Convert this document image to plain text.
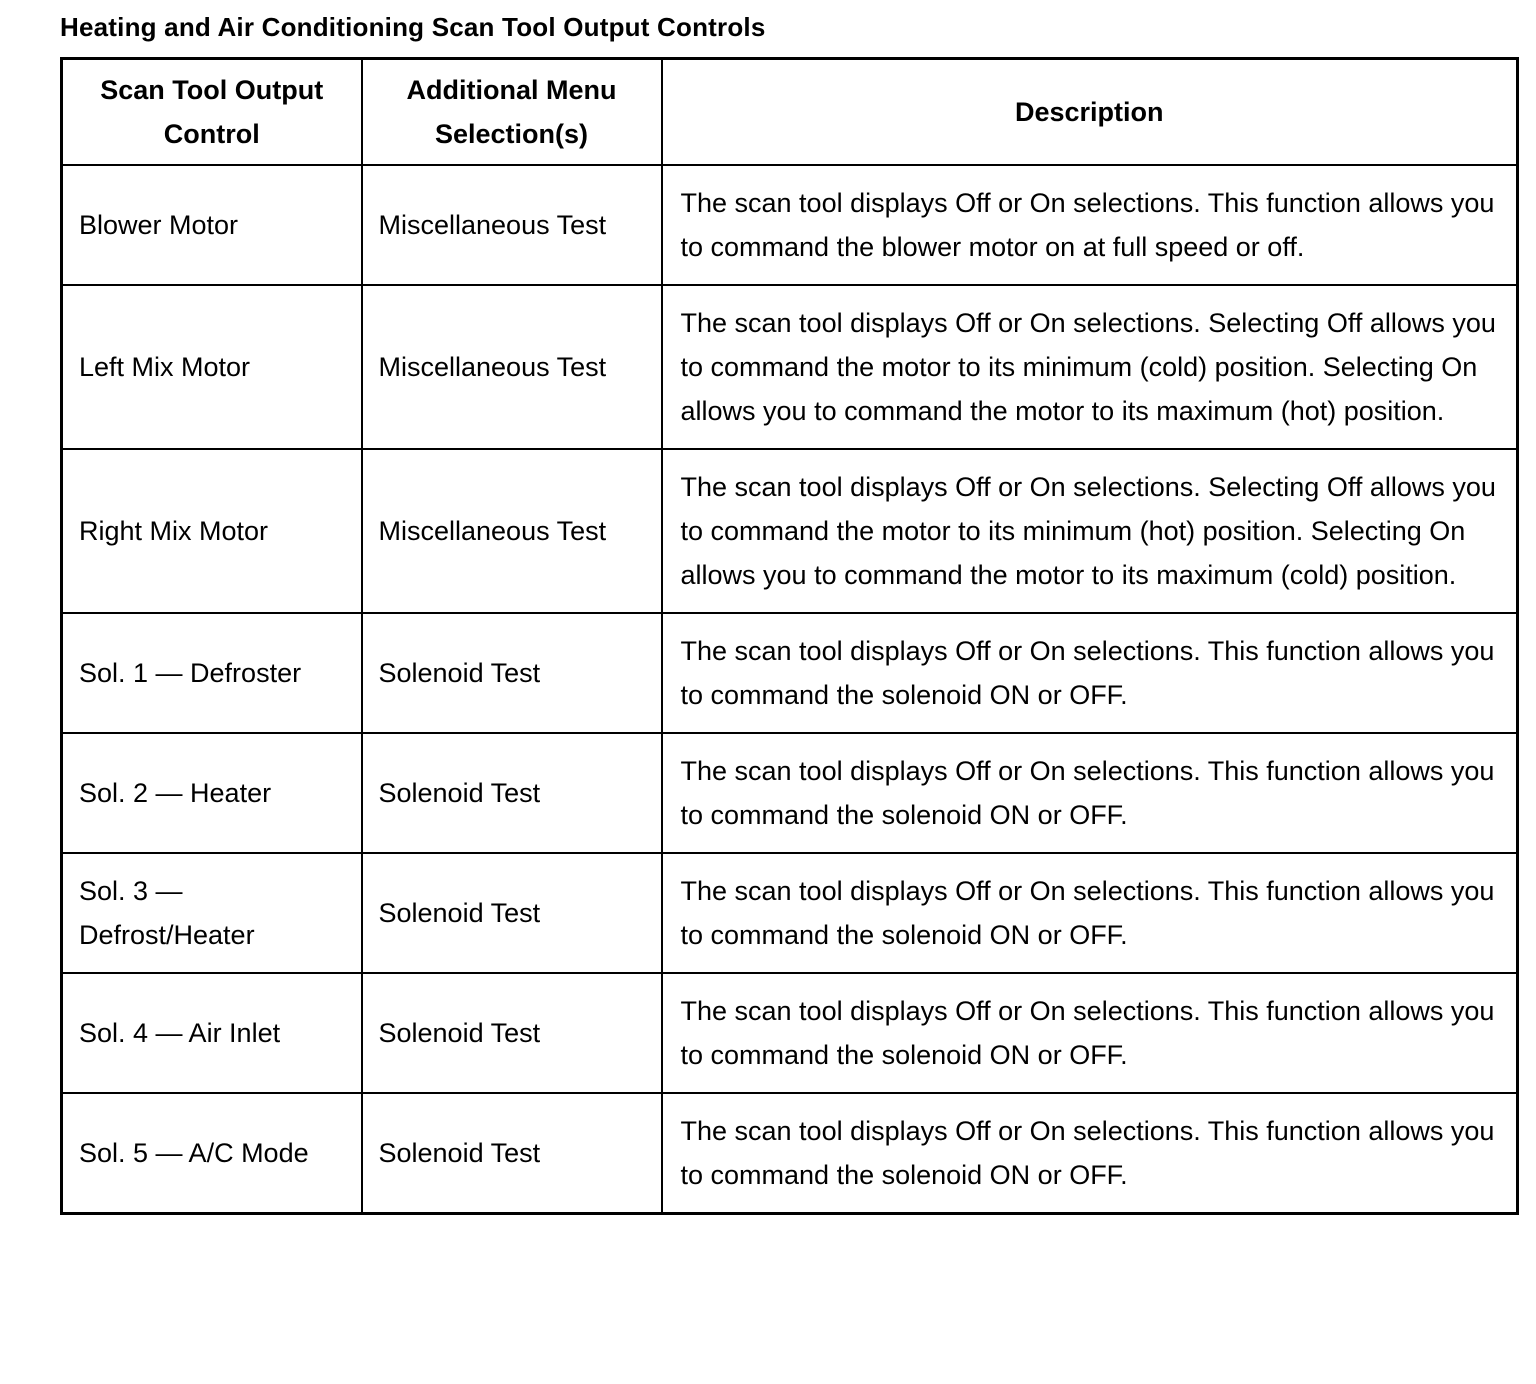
Heating and Air Conditioning Scan Tool Output Controls
Scan Tool Output Control	Additional Menu Selection(s)	Description
Blower Motor	Miscellaneous Test	The scan tool displays Off or On selections. This function allows you to command the blower motor on at full speed or off.
Left Mix Motor	Miscellaneous Test	The scan tool displays Off or On selections. Selecting Off allows you to command the motor to its minimum (cold) position. Selecting On allows you to command the motor to its maximum (hot) position.
Right Mix Motor	Miscellaneous Test	The scan tool displays Off or On selections. Selecting Off allows you to command the motor to its minimum (hot) position. Selecting On allows you to command the motor to its maximum (cold) position.
Sol. 1 — Defroster	Solenoid Test	The scan tool displays Off or On selections. This function allows you to command the solenoid ON or OFF.
Sol. 2 — Heater	Solenoid Test	The scan tool displays Off or On selections. This function allows you to command the solenoid ON or OFF.
Sol. 3 — Defrost/Heater	Solenoid Test	The scan tool displays Off or On selections. This function allows you to command the solenoid ON or OFF.
Sol. 4 — Air Inlet	Solenoid Test	The scan tool displays Off or On selections. This function allows you to command the solenoid ON or OFF.
Sol. 5 — A/C Mode	Solenoid Test	The scan tool displays Off or On selections. This function allows you to command the solenoid ON or OFF.
